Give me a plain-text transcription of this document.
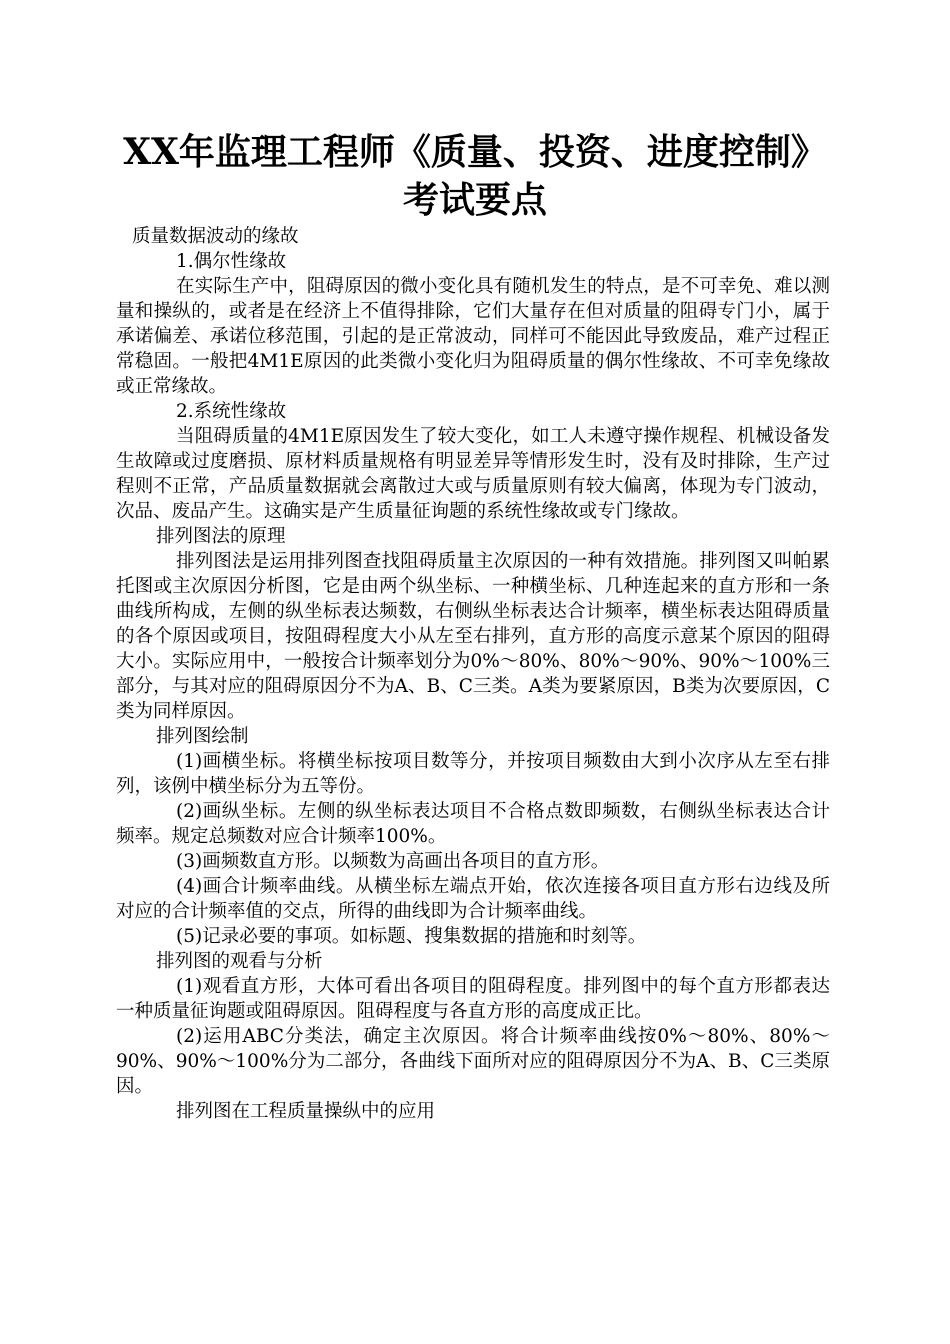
XX年监理工程师《质量、投资、进度控制》
考试要点

质量数据波动的缘故

1.偶尔性缘故

在实际生产中，阻碍原因的微小变化具有随机发生的特点，是不可幸免、难以测量和操纵的，或者是在经济上不值得排除，它们大量存在但对质量的阻碍专门小，属于承诺偏差、承诺位移范围，引起的是正常波动，同样可不能因此导致废品，难产过程正常稳固。一般把4M1E原因的此类微小变化归为阻碍质量的偶尔性缘故、不可幸免缘故或正常缘故。

2.系统性缘故

当阻碍质量的4M1E原因发生了较大变化，如工人未遵守操作规程、机械设备发生故障或过度磨损、原材料质量规格有明显差异等情形发生时，没有及时排除，生产过程则不正常，产品质量数据就会离散过大或与质量原则有较大偏离，体现为专门波动，次品、废品产生。这确实是产生质量征询题的系统性缘故或专门缘故。

排列图法的原理

排列图法是运用排列图查找阻碍质量主次原因的一种有效措施。排列图又叫帕累托图或主次原因分析图，它是由两个纵坐标、一种横坐标、几种连起来的直方形和一条曲线所构成，左侧的纵坐标表达频数，右侧纵坐标表达合计频率，横坐标表达阻碍质量的各个原因或项目，按阻碍程度大小从左至右排列，直方形的高度示意某个原因的阻碍大小。实际应用中，一般按合计频率划分为0%～80%、80%～90%、90%～100%三部分，与其对应的阻碍原因分不为A、B、C三类。A类为要紧原因，B类为次要原因，C类为同样原因。

排列图绘制

(1)画横坐标。将横坐标按项目数等分，并按项目频数由大到小次序从左至右排列，该例中横坐标分为五等份。

(2)画纵坐标。左侧的纵坐标表达项目不合格点数即频数，右侧纵坐标表达合计频率。规定总频数对应合计频率100%。

(3)画频数直方形。以频数为高画出各项目的直方形。

(4)画合计频率曲线。从横坐标左端点开始，依次连接各项目直方形右边线及所对应的合计频率值的交点，所得的曲线即为合计频率曲线。

(5)记录必要的事项。如标题、搜集数据的措施和时刻等。

排列图的观看与分析

(1)观看直方形，大体可看出各项目的阻碍程度。排列图中的每个直方形都表达一种质量征询题或阻碍原因。阻碍程度与各直方形的高度成正比。

(2)运用ABC分类法，确定主次原因。将合计频率曲线按0%～80%、80%～90%、90%～100%分为二部分，各曲线下面所对应的阻碍原因分不为A、B、C三类原因。

排列图在工程质量操纵中的应用
